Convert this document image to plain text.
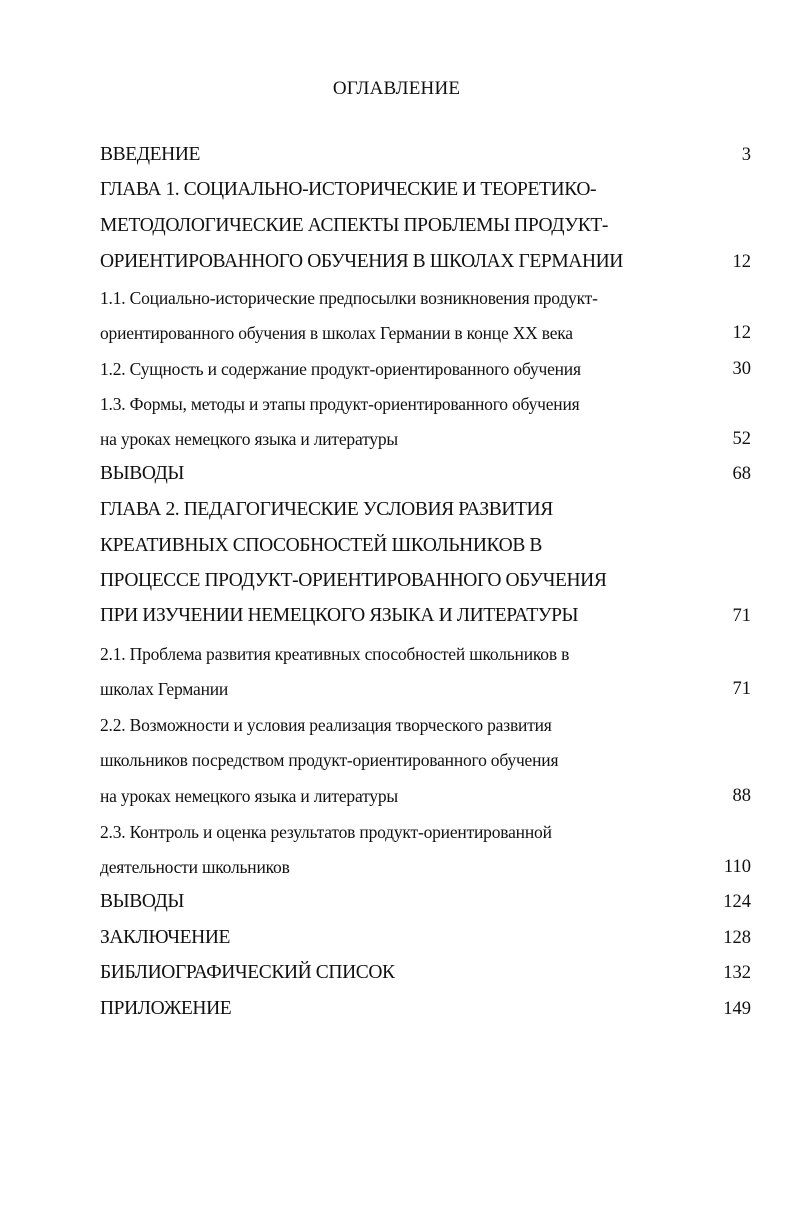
ОГЛАВЛЕНИЕ
ВВЕДЕНИЕ	3
ГЛАВА 1. СОЦИАЛЬНО-ИСТОРИЧЕСКИЕ И ТЕОРЕТИКО-
МЕТОДОЛОГИЧЕСКИЕ АСПЕКТЫ ПРОБЛЕМЫ ПРОДУКТ-
ОРИЕНТИРОВАННОГО ОБУЧЕНИЯ В ШКОЛАХ ГЕРМАНИИ	12
1.1. Социально-исторические предпосылки возникновения продукт-
ориентированного обучения в школах Германии в конце XX века	12
1.2. Сущность и содержание продукт-ориентированного обучения	30
1.3. Формы, методы и этапы продукт-ориентированного обучения
на уроках немецкого языка и литературы	52
ВЫВОДЫ	68
ГЛАВА 2. ПЕДАГОГИЧЕСКИЕ УСЛОВИЯ РАЗВИТИЯ
КРЕАТИВНЫХ СПОСОБНОСТЕЙ ШКОЛЬНИКОВ В
ПРОЦЕССЕ ПРОДУКТ-ОРИЕНТИРОВАННОГО ОБУЧЕНИЯ
ПРИ ИЗУЧЕНИИ НЕМЕЦКОГО ЯЗЫКА И ЛИТЕРАТУРЫ	71
2.1. Проблема развития креативных способностей школьников в
школах Германии	71
2.2. Возможности и условия реализация творческого развития
школьников посредством продукт-ориентированного обучения
на уроках немецкого языка и литературы	88
2.3. Контроль и оценка результатов продукт-ориентированной
деятельности школьников	110
ВЫВОДЫ	124
ЗАКЛЮЧЕНИЕ	128
БИБЛИОГРАФИЧЕСКИЙ СПИСОК	132
ПРИЛОЖЕНИЕ	149
